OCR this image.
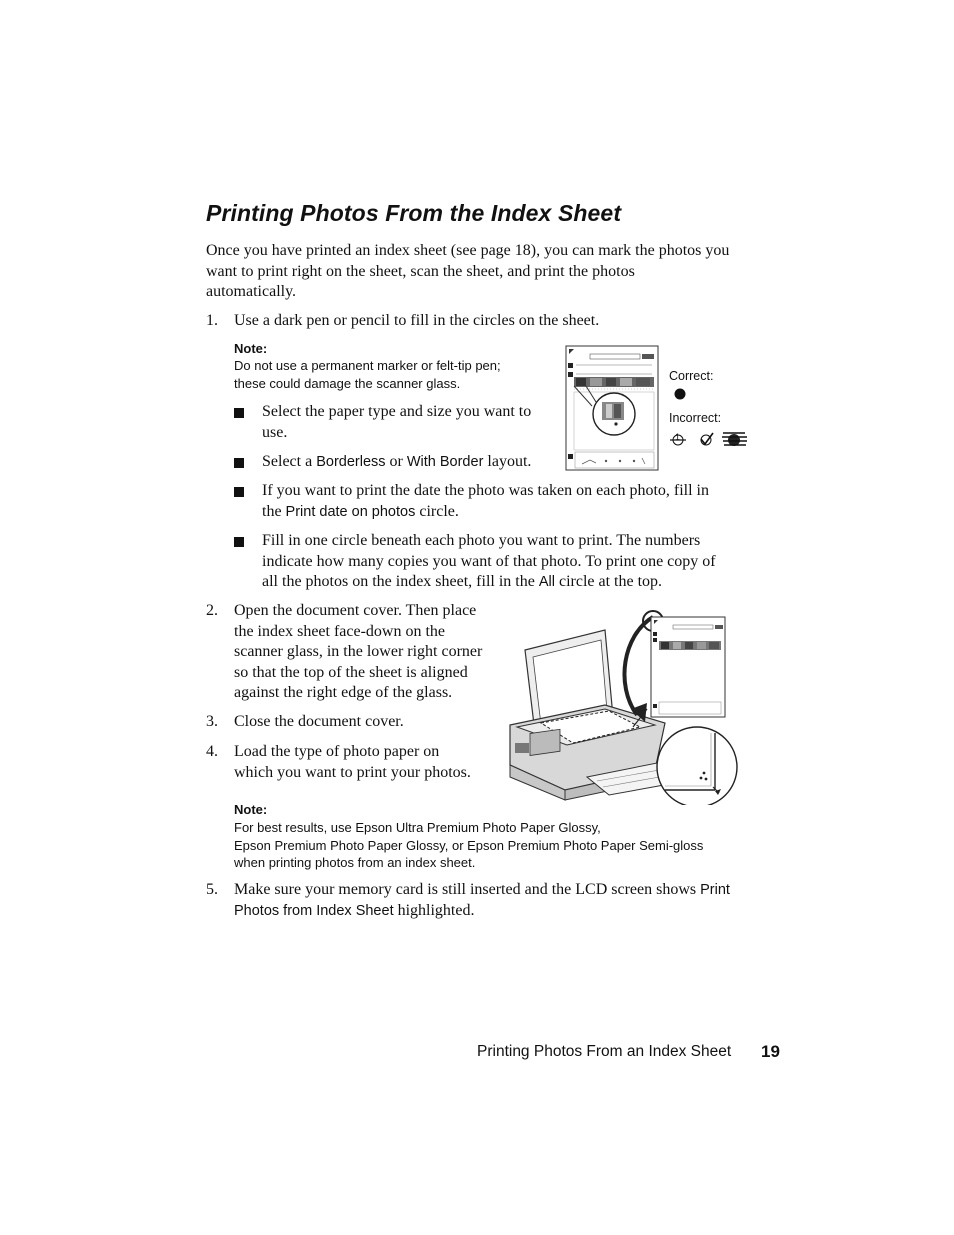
Printing Photos From the Index Sheet
Once you have printed an index sheet (see page 18), you can mark the photos you
want to print right on the sheet, scan the sheet, and print the photos
automatically.
1.	Use a dark pen or pencil to fill in the circles on the sheet.
Note:
Do not use a permanent marker or felt-tip pen;
these could damage the scanner glass.
Select the paper type and size you want to
use.
Select a Borderless or With Border layout.
Correct:
Incorrect:
1
If you want to print the date the photo was taken on each photo, fill in
the Print date on photos circle.
Fill in one circle beneath each photo you want to print. The numbers
indicate how many copies you want of that photo. To print one copy of
all the photos on the index sheet, fill in the All circle at the top.
2.	Open the document cover. Then place
the index sheet face-down on the
scanner glass, in the lower right corner
so that the top of the sheet is aligned
against the right edge of the glass.
3.	Close the document cover.
4.	Load the type of photo paper on
which you want to print your photos.
Note:
For best results, use Epson Ultra Premium Photo Paper Glossy,
Epson Premium Photo Paper Glossy, or Epson Premium Photo Paper Semi-gloss
when printing photos from an index sheet.
5.	Make sure your memory card is still inserted and the LCD screen shows Print
Photos from Index Sheet highlighted.
Printing Photos From an Index Sheet 19
